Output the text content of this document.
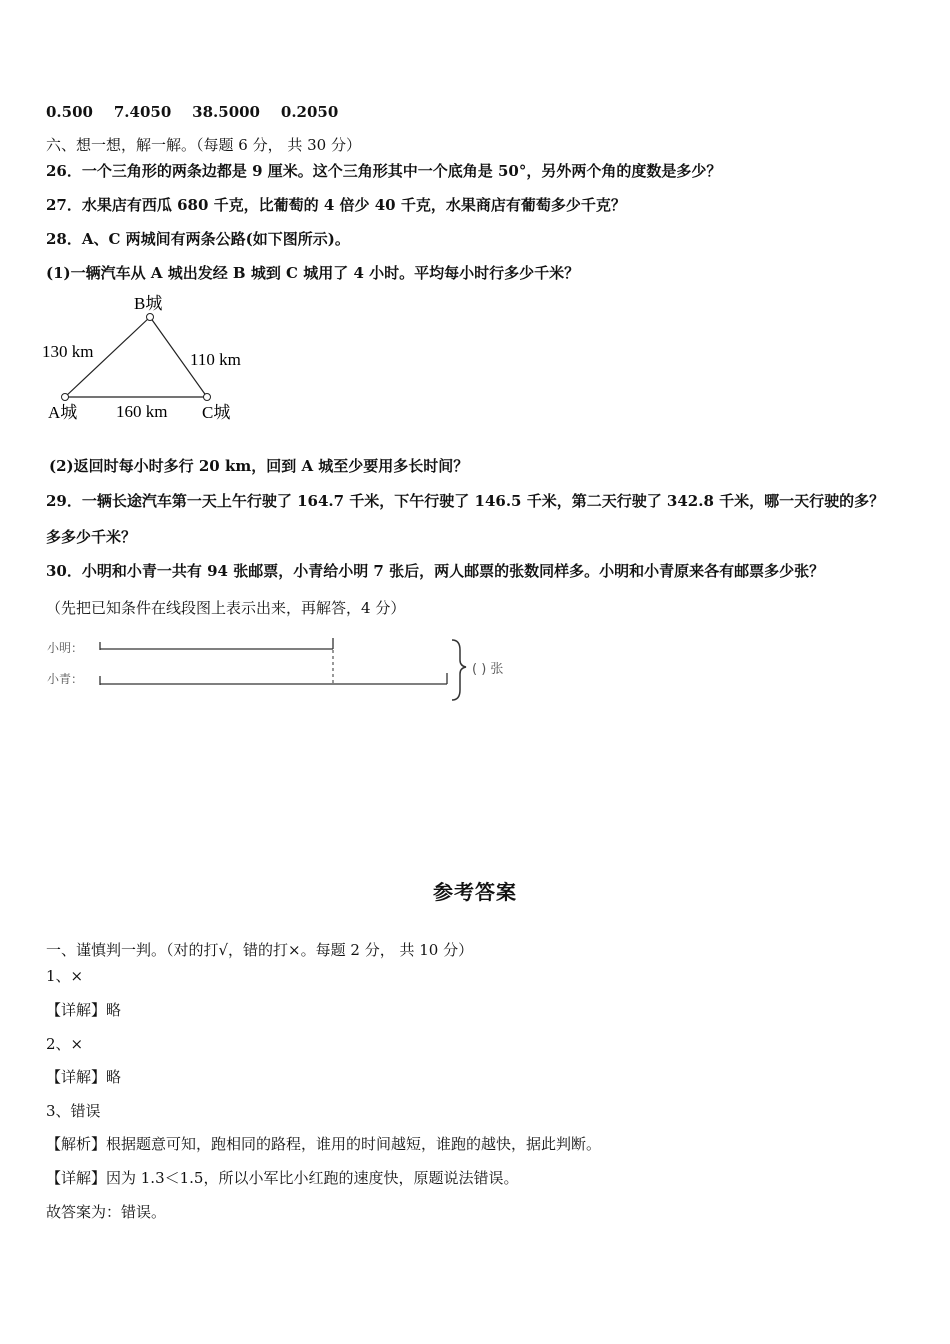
0.500    7.4050    38.5000    0.2050
六、想一想，解一解。（每题 6 分， 共 30 分）
26．一个三角形的两条边都是 9 厘米。这个三角形其中一个底角是 50°，另外两个角的度数是多少？
27．水果店有西瓜 680 千克，比葡萄的 4 倍少 40 千克，水果商店有葡萄多少千克？
28．A、C 两城间有两条公路(如下图所示)。
(1)一辆汽车从 A 城出发经 B 城到 C 城用了 4 小时。平均每小时行多少千米？
B城
A城	C城
130 km	110 km
160 km
(2)返回时每小时多行 20 km，回到 A 城至少要用多长时间？
29．一辆长途汽车第一天上午行驶了 164.7 千米，下午行驶了 146.5 千米，第二天行驶了 342.8 千米，哪一天行驶的多？
多多少千米？
30．小明和小青一共有 94 张邮票，小青给小明 7 张后，两人邮票的张数同样多。小明和小青原来各有邮票多少张？
（先把已知条件在线段图上表示出来，再解答，4 分）
小明：
小青：
( ) 张
参考答案
一、谨慎判一判。（对的打√，错的打×。每题 2 分， 共 10 分）
1、×
【详解】略
2、×
【详解】略
3、错误
【解析】根据题意可知，跑相同的路程，谁用的时间越短，谁跑的越快，据此判断。
【详解】因为 1.3＜1.5，所以小军比小红跑的速度快，原题说法错误。
故答案为：错误。
